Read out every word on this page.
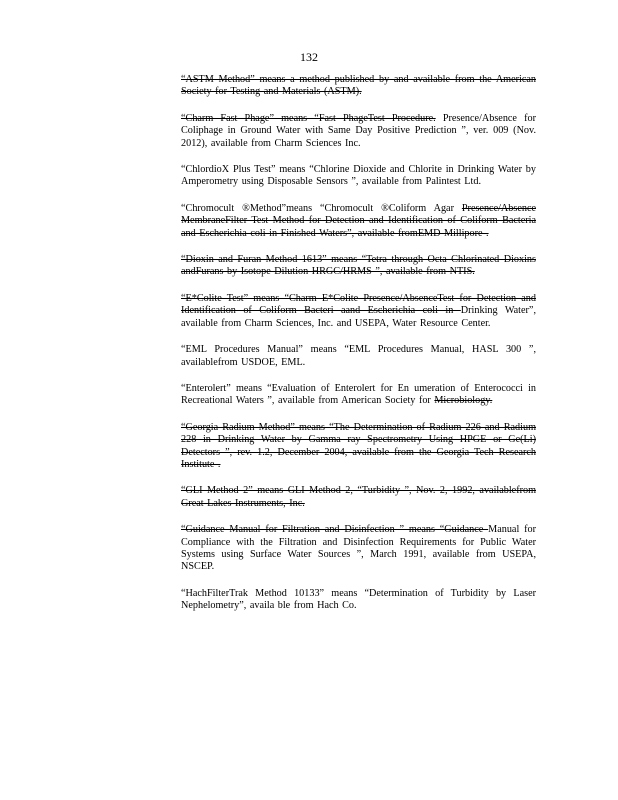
132

“ASTM Method” means a method published by and available from the American Society for Testing and Materials (ASTM).

“Charm Fast Phage” means “Fast PhageTest Procedure. Presence/Absence for Coliphage in Ground Water with Same Day Positive Prediction ”, ver. 009 (Nov. 2012), available from Charm Sciences Inc.

“ChlordioX Plus Test” means “Chlorine Dioxide and Chlorite in Drinking Water by Amperometry using Disposable Sensors ”, available from Palintest Ltd.

“Chromocult ®Method”means “Chromocult ®Coliform Agar Presence/Absence MembraneFilter Test Method for Detection and Identification of Coliform Bacteria and Escherichia coli in Finished Waters”, available fromEMD Millipore .

“Dioxin and Furan Method 1613” means “Tetra through Octa Chlorinated Dioxins andFurans by Isotope Dilution HRGC/HRMS ”, available from NTIS.

“E*Colite Test” means “Charm E*Colite Presence/AbsenceTest for Detection and Identification of Coliform Bacteri aand Escherichia coli in Drinking Water”, available from Charm Sciences, Inc. and USEPA, Water Resource Center.

“EML Procedures Manual” means “EML Procedures Manual, HASL 300 ”, availablefrom USDOE, EML.

“Enterolert” means “Evaluation of Enterolert for En umeration of Enterococci in Recreational Waters ”, available from American Society for Microbiology.

“Georgia Radium Method” means “The Determination of Radium 226 and Radium 228 in Drinking Water by Gamma ray Spectrometry Using HPGE or Ge(Li) Detectors ”, rev. 1.2, December 2004, available from the Georgia Tech Research Institute .

“GLI Method 2” means GLI Method 2, “Turbidity ”, Nov. 2, 1992, availablefrom Great Lakes Instruments, Inc.

“Guidance Manual for Filtration and Disinfection ” means “Guidance Manual for Compliance with the Filtration and Disinfection Requirements for Public Water Systems using Surface Water Sources ”, March 1991, available from USEPA, NSCEP.

“HachFilterTrak Method 10133” means “Determination of Turbidity by Laser Nephelometry”, availa ble from Hach Co.
